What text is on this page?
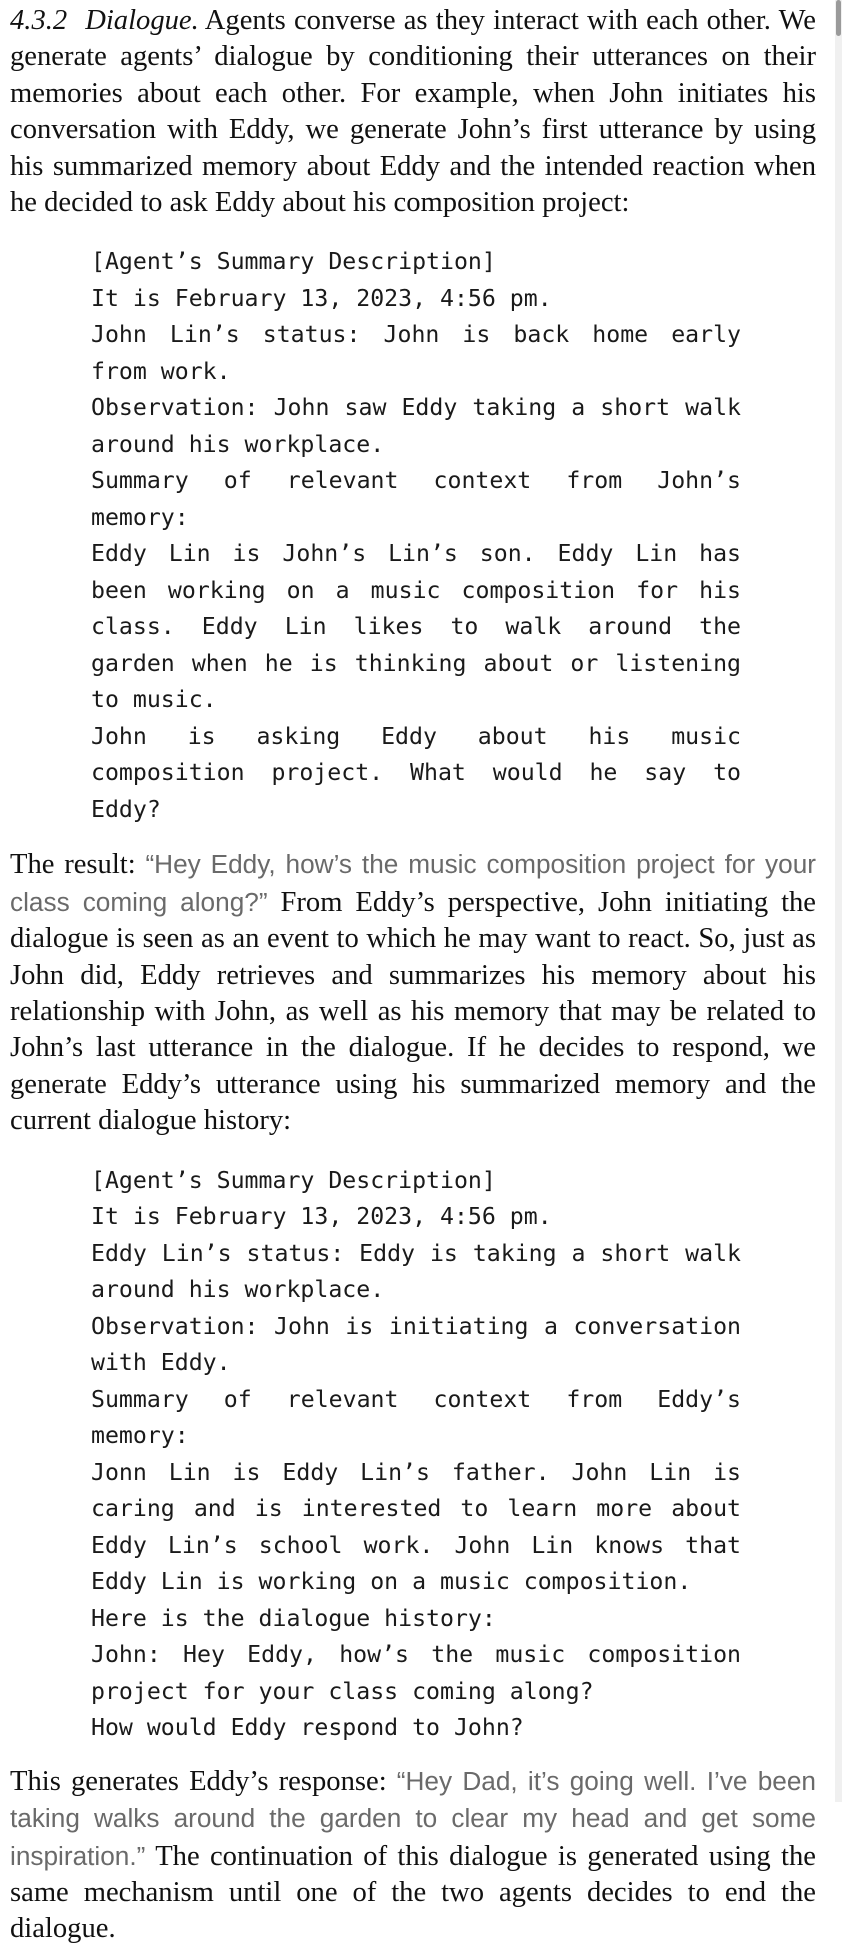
4.3.2 Dialogue. Agents converse as they interact with each other. We generate agents’ dialogue by conditioning their utterances on their memories about each other. For example, when John initiates his conversation with Eddy, we generate John’s first utterance by using his summarized memory about Eddy and the intended reaction when he decided to ask Eddy about his composition project:

[Agent’s Summary Description]

It is February 13, 2023, 4:56 pm.

John Lin’s status: John is back home early from work.

Observation: John saw Eddy taking a short walk around his workplace.

Summary of relevant context from John’s memory:

Eddy Lin is John’s Lin’s son. Eddy Lin has been working on a music composition for his class. Eddy Lin likes to walk around the garden when he is thinking about or listening to music.

John is asking Eddy about his music composition project. What would he say to Eddy?

The result: “Hey Eddy, how’s the music composition project for your class coming along?” From Eddy’s perspective, John initiating the dialogue is seen as an event to which he may want to react. So, just as John did, Eddy retrieves and summarizes his memory about his relationship with John, as well as his memory that may be related to John’s last utterance in the dialogue. If he decides to respond, we generate Eddy’s utterance using his summarized memory and the current dialogue history:

[Agent’s Summary Description]

It is February 13, 2023, 4:56 pm.

Eddy Lin’s status: Eddy is taking a short walk around his workplace.

Observation: John is initiating a conversation with Eddy.

Summary of relevant context from Eddy’s memory:

Jonn Lin is Eddy Lin’s father. John Lin is caring and is interested to learn more about Eddy Lin’s school work. John Lin knows that Eddy Lin is working on a music composition.

Here is the dialogue history:

John: Hey Eddy, how’s the music composition project for your class coming along?

How would Eddy respond to John?

This generates Eddy’s response: “Hey Dad, it’s going well. I’ve been taking walks around the garden to clear my head and get some inspiration.” The continuation of this dialogue is generated using the same mechanism until one of the two agents decides to end the dialogue.
